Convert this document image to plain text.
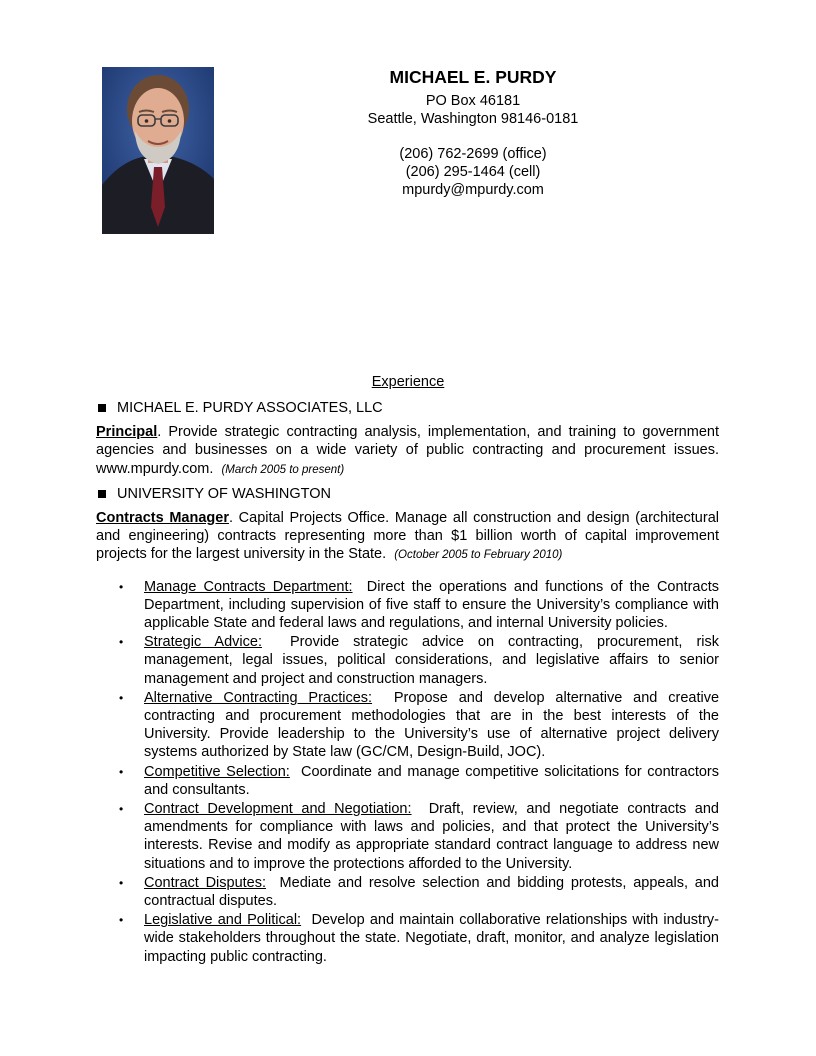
MICHAEL E. PURDY
PO Box 46181
Seattle, Washington 98146-0181
(206) 762-2699 (office)
(206) 295-1464 (cell)
mpurdy@mpurdy.com
Experience
MICHAEL E. PURDY ASSOCIATES, LLC
Principal. Provide strategic contracting analysis, implementation, and training to government agencies and businesses on a wide variety of public contracting and procurement issues. www.mpurdy.com. (March 2005 to present)
UNIVERSITY OF WASHINGTON
Contracts Manager. Capital Projects Office. Manage all construction and design (architectural and engineering) contracts representing more than $1 billion worth of capital improvement projects for the largest university in the State. (October 2005 to February 2010)
• Manage Contracts Department: Direct the operations and functions of the Contracts Department, including supervision of five staff to ensure the University’s compliance with applicable State and federal laws and regulations, and internal University policies.
• Strategic Advice: Provide strategic advice on contracting, procurement, risk management, legal issues, political considerations, and legislative affairs to senior management and project and construction managers.
• Alternative Contracting Practices: Propose and develop alternative and creative contracting and procurement methodologies that are in the best interests of the University. Provide leadership to the University’s use of alternative project delivery systems authorized by State law (GC/CM, Design-Build, JOC).
• Competitive Selection: Coordinate and manage competitive solicitations for contractors and consultants.
• Contract Development and Negotiation: Draft, review, and negotiate contracts and amendments for compliance with laws and policies, and that protect the University’s interests. Revise and modify as appropriate standard contract language to address new situations and to improve the protections afforded to the University.
• Contract Disputes: Mediate and resolve selection and bidding protests, appeals, and contractual disputes.
• Legislative and Political: Develop and maintain collaborative relationships with industry-wide stakeholders throughout the state. Negotiate, draft, monitor, and analyze legislation impacting public contracting.
